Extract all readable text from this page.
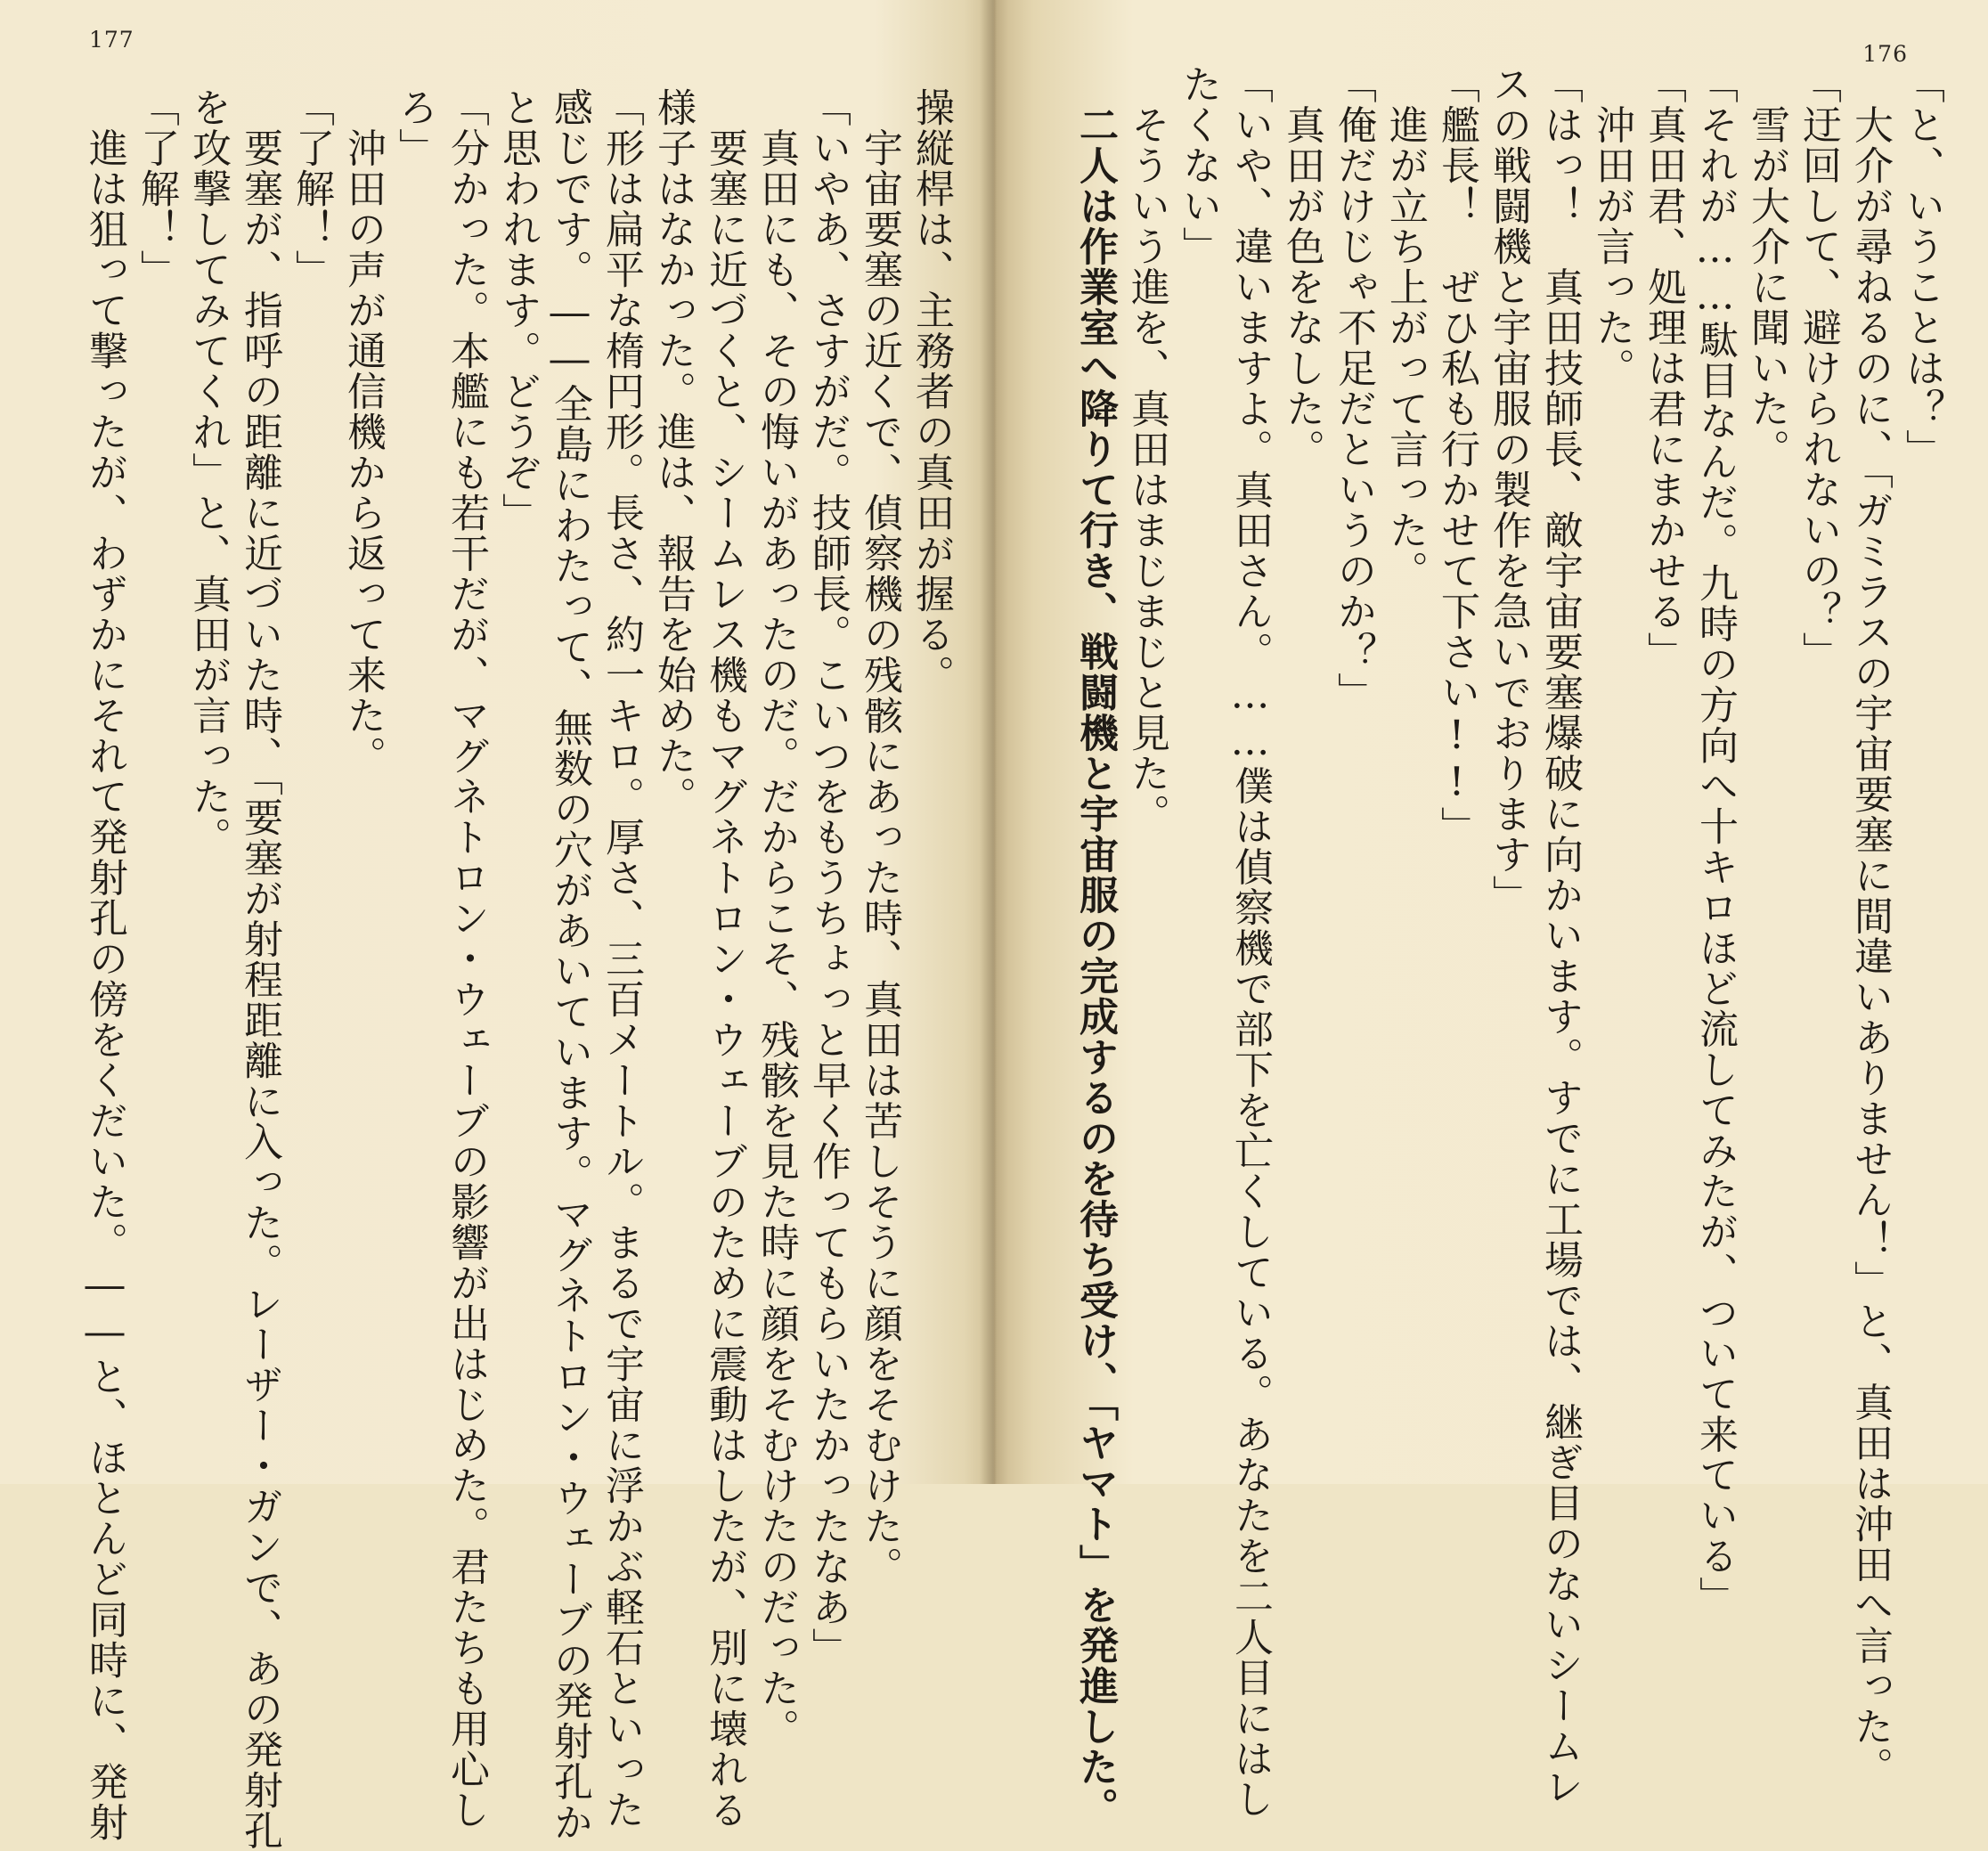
177
操縦桿は、主務者の真田が握る。
　宇宙要塞の近くで、偵察機の残骸にあった時、真田は苦しそうに顔をそむけた。
「いやあ、さすがだ。技師長。こいつをもうちょっと早く作ってもらいたかったなあ」
　真田にも、その悔いがあったのだ。だからこそ、残骸を見た時に顔をそむけたのだった。
　要塞に近づくと、シームレス機もマグネトロン・ウェーブのために震動はしたが、別に壊れる
様子はなかった。進は、報告を始めた。
「形は扁平な楕円形。長さ、約一キロ。厚さ、三百メートル。まるで宇宙に浮かぶ軽石といった
感じです。――全島にわたって、無数の穴があいています。マグネトロン・ウェーブの発射孔か
と思われます。どうぞ」
「分かった。本艦にも若干だが、マグネトロン・ウェーブの影響が出はじめた。君たちも用心し
ろ」
　沖田の声が通信機から返って来た。
「了解！」
　要塞が、指呼の距離に近づいた時、「要塞が射程距離に入った。レーザー・ガンで、あの発射孔
を攻撃してみてくれ」と、真田が言った。
「了解！」
　進は狙って撃ったが、わずかにそれて発射孔の傍をくだいた。――と、ほとんど同時に、発射
176
「と、いうことは？」
　大介が尋ねるのに、「ガミラスの宇宙要塞に間違いありません！」と、真田は沖田へ言った。
「迂回して、避けられないの？」
　雪が大介に聞いた。
「それが……駄目なんだ。九時の方向へ十キロほど流してみたが、ついて来ている」
「真田君、処理は君にまかせる」
　沖田が言った。
「はっ！　真田技師長、敵宇宙要塞爆破に向かいます。すでに工場では、継ぎ目のないシームレ
スの戦闘機と宇宙服の製作を急いでおります」
「艦長！　ぜひ私も行かせて下さい!!」
　進が立ち上がって言った。
「俺だけじゃ不足だというのか？」
　真田が色をなした。
「いや、違いますよ。真田さん。……僕は偵察機で部下を亡くしている。あなたを二人目にはし
たくない」
　そういう進を、真田はまじまじと見た。
　二人は作業室へ降りて行き、戦闘機と宇宙服の完成するのを待ち受け、「ヤマト」を発進した。
